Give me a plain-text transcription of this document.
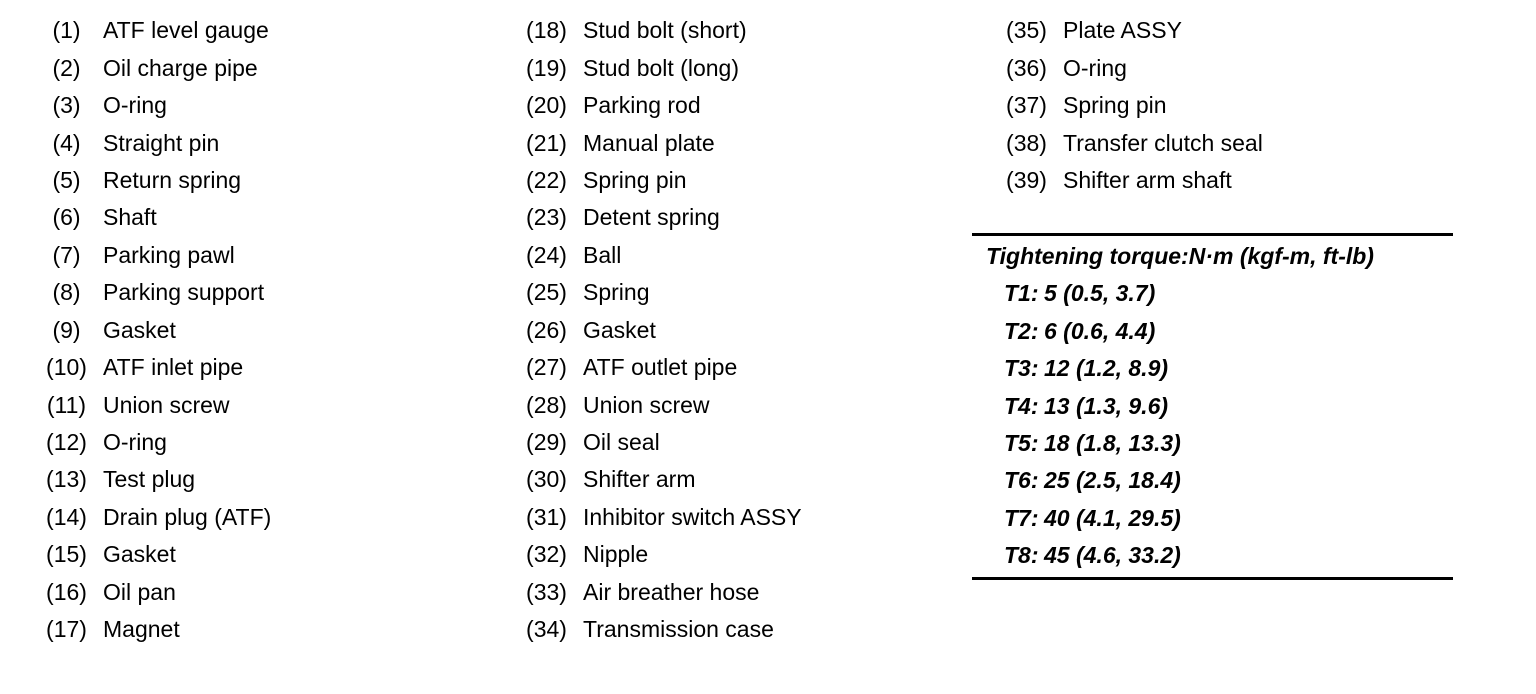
(1) ATF level gauge
(2) Oil charge pipe
(3) O-ring
(4) Straight pin
(5) Return spring
(6) Shaft
(7) Parking pawl
(8) Parking support
(9) Gasket
(10) ATF inlet pipe
(11) Union screw
(12) O-ring
(13) Test plug
(14) Drain plug (ATF)
(15) Gasket
(16) Oil pan
(17) Magnet
(18) Stud bolt (short)
(19) Stud bolt (long)
(20) Parking rod
(21) Manual plate
(22) Spring pin
(23) Detent spring
(24) Ball
(25) Spring
(26) Gasket
(27) ATF outlet pipe
(28) Union screw
(29) Oil seal
(30) Shifter arm
(31) Inhibitor switch ASSY
(32) Nipple
(33) Air breather hose
(34) Transmission case
(35) Plate ASSY
(36) O-ring
(37) Spring pin
(38) Transfer clutch seal
(39) Shifter arm shaft
Tightening torque:N·m (kgf-m, ft-lb)
T1: 5 (0.5, 3.7)
T2: 6 (0.6, 4.4)
T3: 12 (1.2, 8.9)
T4: 13 (1.3, 9.6)
T5: 18 (1.8, 13.3)
T6: 25 (2.5, 18.4)
T7: 40 (4.1, 29.5)
T8: 45 (4.6, 33.2)
